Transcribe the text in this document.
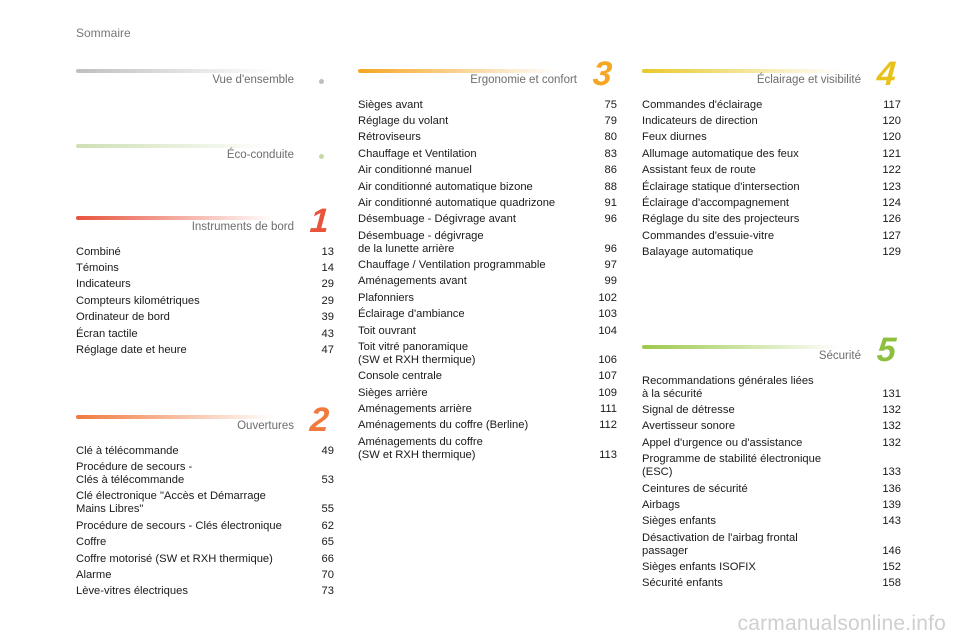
Sommaire
Vue d'ensemble
Éco-conduite
Instruments de bord 1
Combiné	13
Témoins	14
Indicateurs	29
Compteurs kilométriques	29
Ordinateur de bord	39
Écran tactile	43
Réglage date et heure	47
Ouvertures 2
Clé à télécommande	49
Procédure de secours -
Clés à télécommande	53
Clé électronique "Accès et Démarrage
Mains Libres"	55
Procédure de secours - Clés électronique	62
Coffre	65
Coffre motorisé (SW et RXH thermique)	66
Alarme	70
Lève-vitres électriques	73
Ergonomie et confort 3
Sièges avant	75
Réglage du volant	79
Rétroviseurs	80
Chauffage et Ventilation	83
Air conditionné manuel	86
Air conditionné automatique bizone	88
Air conditionné automatique quadrizone	91
Désembuage - Dégivrage avant	96
Désembuage - dégivrage
de la lunette arrière	96
Chauffage / Ventilation programmable	97
Aménagements avant	99
Plafonniers	102
Éclairage d'ambiance	103
Toit ouvrant	104
Toit vitré panoramique
(SW et RXH thermique)	106
Console centrale	107
Sièges arrière	109
Aménagements arrière	111
Aménagements du coffre (Berline)	112
Aménagements du coffre
(SW et RXH thermique)	113
Éclairage et visibilité 4
Commandes d'éclairage	117
Indicateurs de direction	120
Feux diurnes	120
Allumage automatique des feux	121
Assistant feux de route	122
Éclairage statique d'intersection	123
Éclairage d'accompagnement	124
Réglage du site des projecteurs	126
Commandes d'essuie-vitre	127
Balayage automatique	129
Sécurité 5
Recommandations générales liées
à la sécurité	131
Signal de détresse	132
Avertisseur sonore	132
Appel d'urgence ou d'assistance	132
Programme de stabilité électronique
(ESC)	133
Ceintures de sécurité	136
Airbags	139
Sièges enfants	143
Désactivation de l'airbag frontal
passager	146
Sièges enfants ISOFIX	152
Sécurité enfants	158
carmanualsonline.info
